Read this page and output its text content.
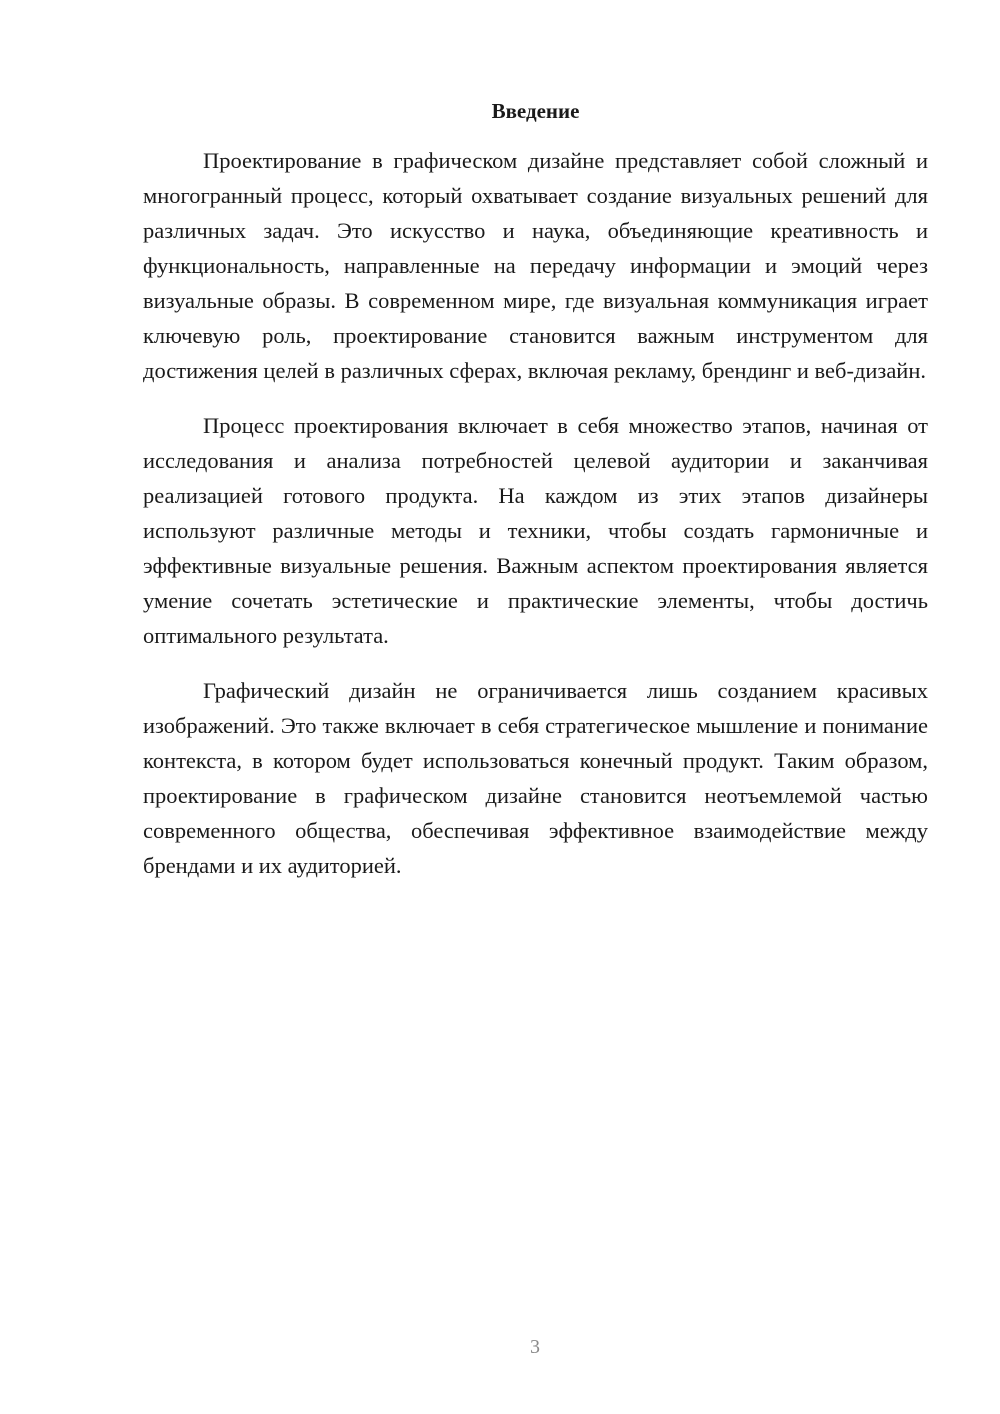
Введение

Проектирование в графическом дизайне представляет собой сложный и многогранный процесс, который охватывает создание визуальных решений для различных задач. Это искусство и наука, объединяющие креативность и функциональность, направленные на передачу информации и эмоций через визуальные образы. В современном мире, где визуальная коммуникация играет ключевую роль, проектирование становится важным инструментом для достижения целей в различных сферах, включая рекламу, брендинг и веб-дизайн.

Процесс проектирования включает в себя множество этапов, начиная от исследования и анализа потребностей целевой аудитории и заканчивая реализацией готового продукта. На каждом из этих этапов дизайнеры используют различные методы и техники, чтобы создать гармоничные и эффективные визуальные решения. Важным аспектом проектирования является умение сочетать эстетические и практические элементы, чтобы достичь оптимального результата.

Графический дизайн не ограничивается лишь созданием красивых изображений. Это также включает в себя стратегическое мышление и понимание контекста, в котором будет использоваться конечный продукт. Таким образом, проектирование в графическом дизайне становится неотъемлемой частью современного общества, обеспечивая эффективное взаимодействие между брендами и их аудиторией.

3
